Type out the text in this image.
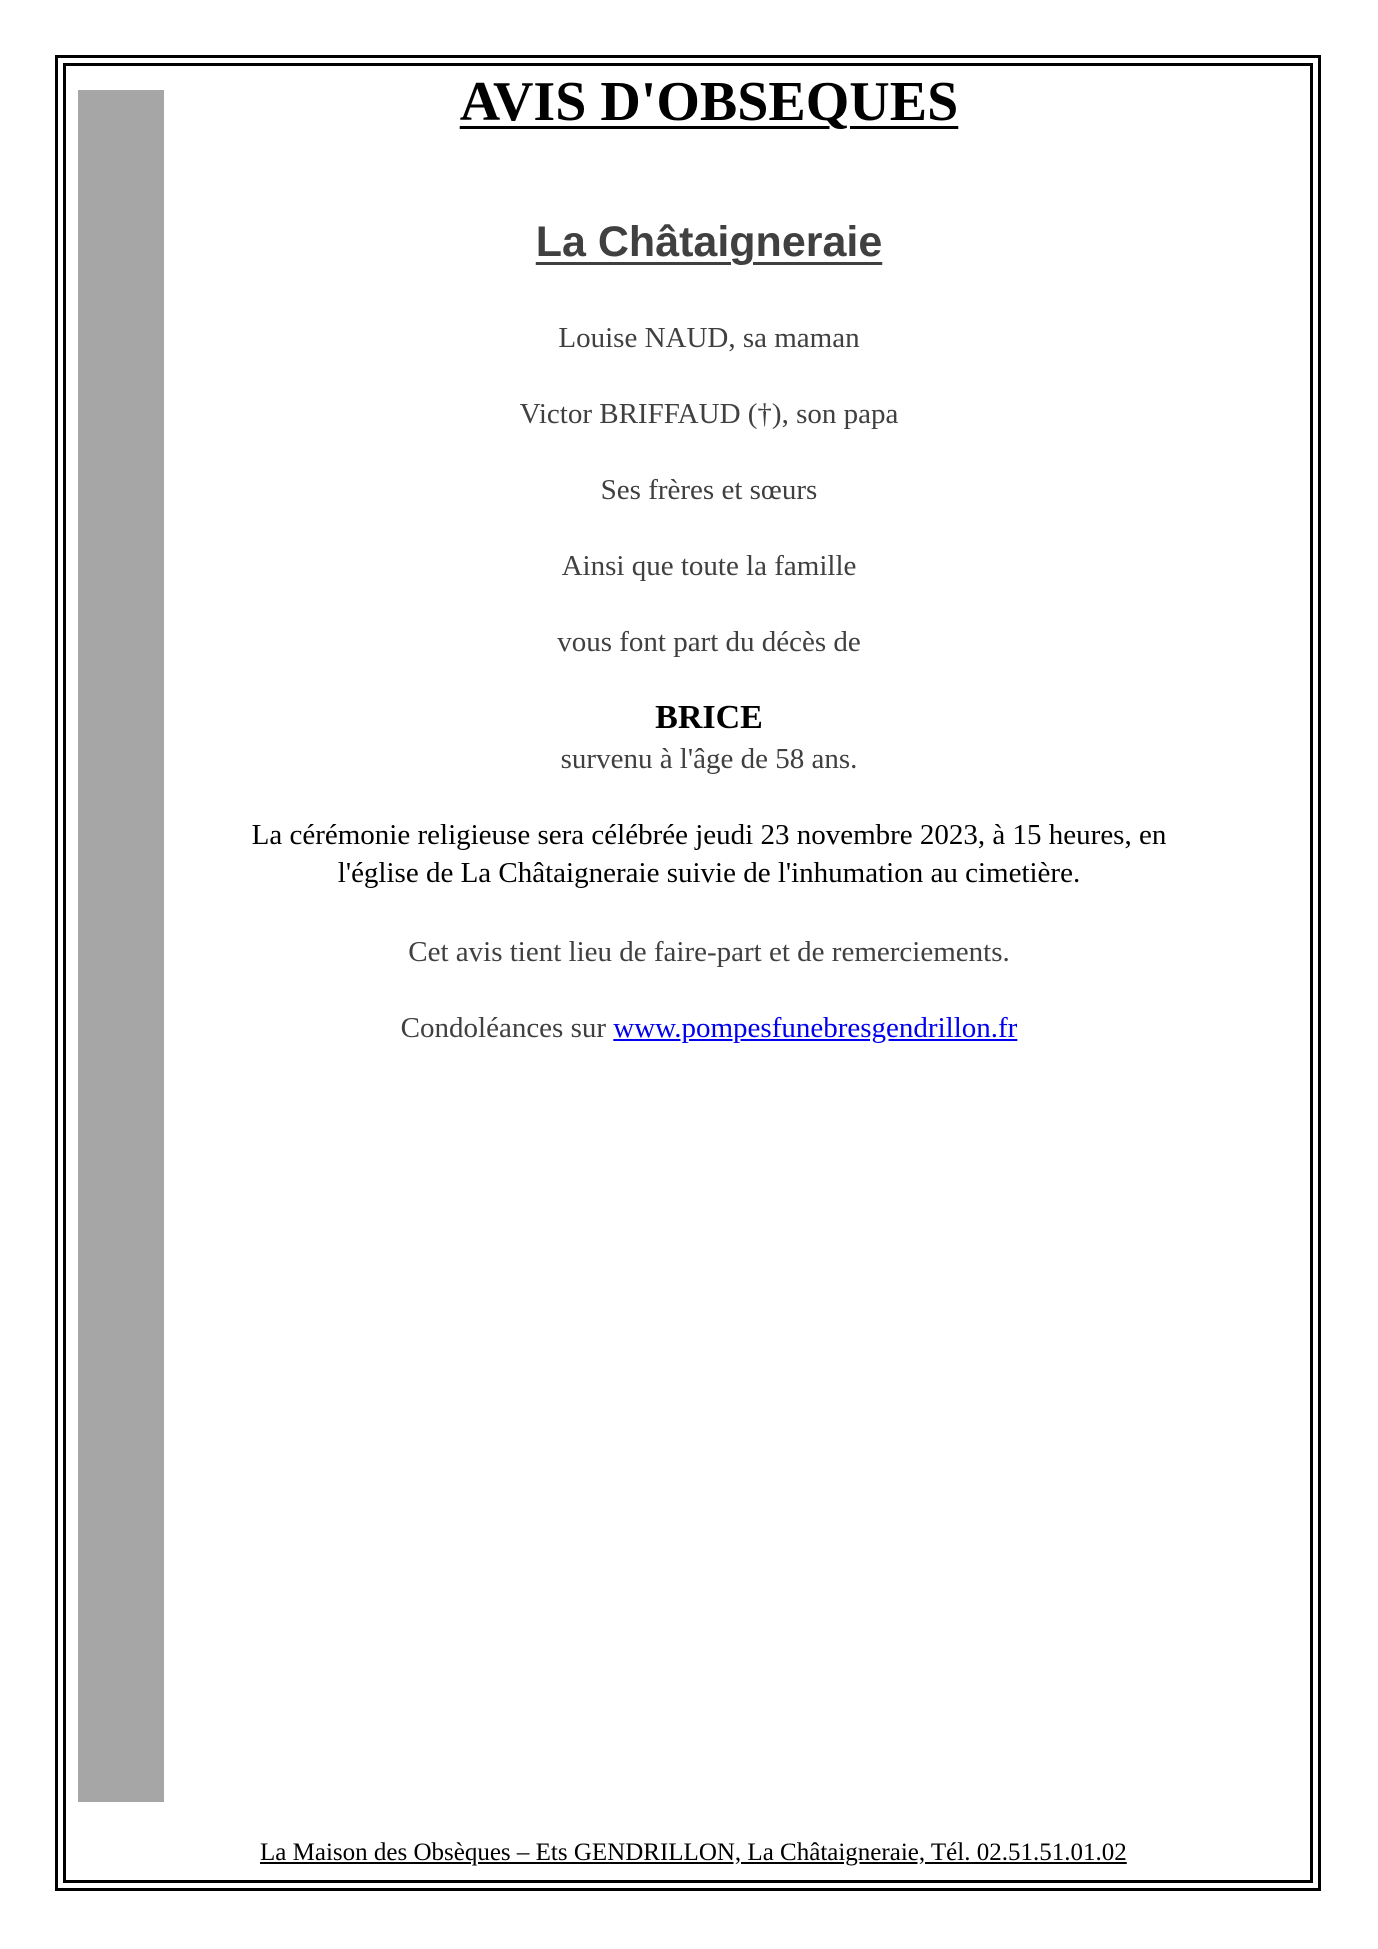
AVIS D'OBSEQUES
La Châtaigneraie
Louise NAUD, sa maman
Victor BRIFFAUD (†), son papa
Ses frères et sœurs
Ainsi que toute la famille
vous font part du décès de
BRICE
survenu à l'âge de 58 ans.
La cérémonie religieuse sera célébrée jeudi 23 novembre 2023, à 15 heures, en
l'église de La Châtaigneraie suivie de l'inhumation au cimetière.
Cet avis tient lieu de faire-part et de remerciements.
Condoléances sur www.pompesfunebresgendrillon.fr
La Maison des Obsèques – Ets GENDRILLON, La Châtaigneraie, Tél. 02.51.51.01.02
